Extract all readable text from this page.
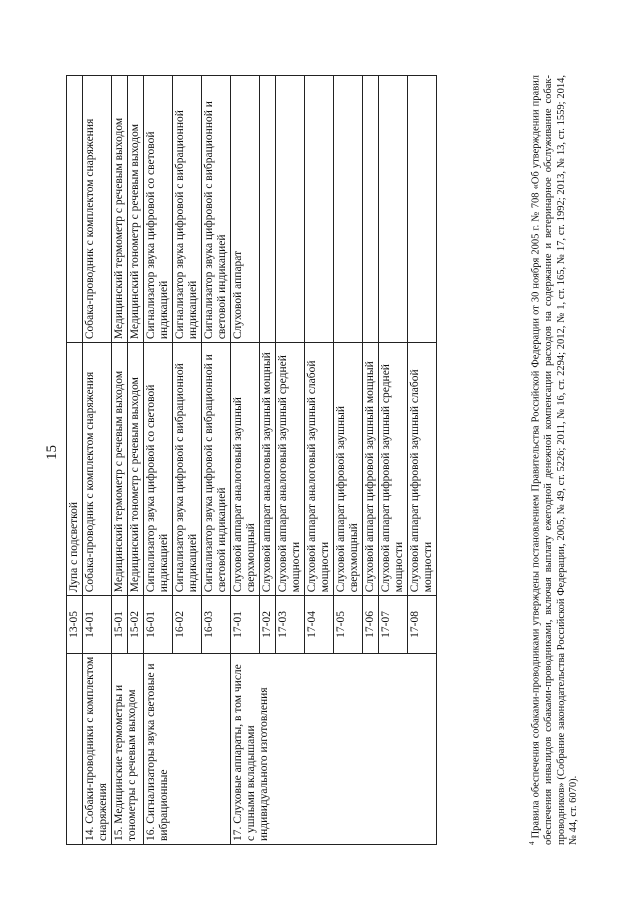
15
	13-05	Лупа с подсветкой	
14. Собаки-проводники с комплектом снаряжения	14-01	Собака-проводник с комплектом снаряжения	Собака-проводник с комплектом снаряжения
15. Медицинские термометры и тонометры с речевым выходом	15-01	Медицинский термометр с речевым выходом	Медицинский термометр с речевым выходом
	15-02	Медицинский тонометр с речевым выходом	Медицинский тонометр с речевым выходом
16. Сигнализаторы звука световые и вибрационные	16-01	Сигнализатор звука цифровой со световой индикацией	Сигнализатор звука цифровой со световой индикацией
	16-02	Сигнализатор звука цифровой с вибрационной индикацией	Сигнализатор звука цифровой с вибрационной индикацией
	16-03	Сигнализатор звука цифровой с вибрационной и световой индикацией	Сигнализатор звука цифровой с вибрационной и световой индикацией
17. Слуховые аппараты, в том числе с ушными вкладышами индивидуального изготовления	17-01	Слуховой аппарат аналоговый заушный сверхмощный	Слуховой аппарат
	17-02	Слуховой аппарат аналоговый заушный мощный	
	17-03	Слуховой аппарат аналоговый заушный средней мощности	
	17-04	Слуховой аппарат аналоговый заушный слабой мощности	
	17-05	Слуховой аппарат цифровой заушный сверхмощный	
	17-06	Слуховой аппарат цифровой заушный мощный	
	17-07	Слуховой аппарат цифровой заушный средней мощности	
	17-08	Слуховой аппарат цифровой заушный слабой мощности	
$^4$ Правила обеспечения собаками-проводниками утверждены постановлением Правительства Российской Федерации от 30 ноября 2005 г. № 708 «Об утверждении правил обеспечения инвалидов собаками-проводниками, включая выплату ежегодной денежной компенсации расходов на содержание и ветеринарное обслуживание собак-проводников» (Собрание законодательства Российской Федерации, 2005, № 49, ст. 5226; 2011, № 16, ст. 2294; 2012, № 1, ст. 165, № 17, ст. 1992; 2013, № 13, ст. 1559; 2014, № 44, ст. 6070).
